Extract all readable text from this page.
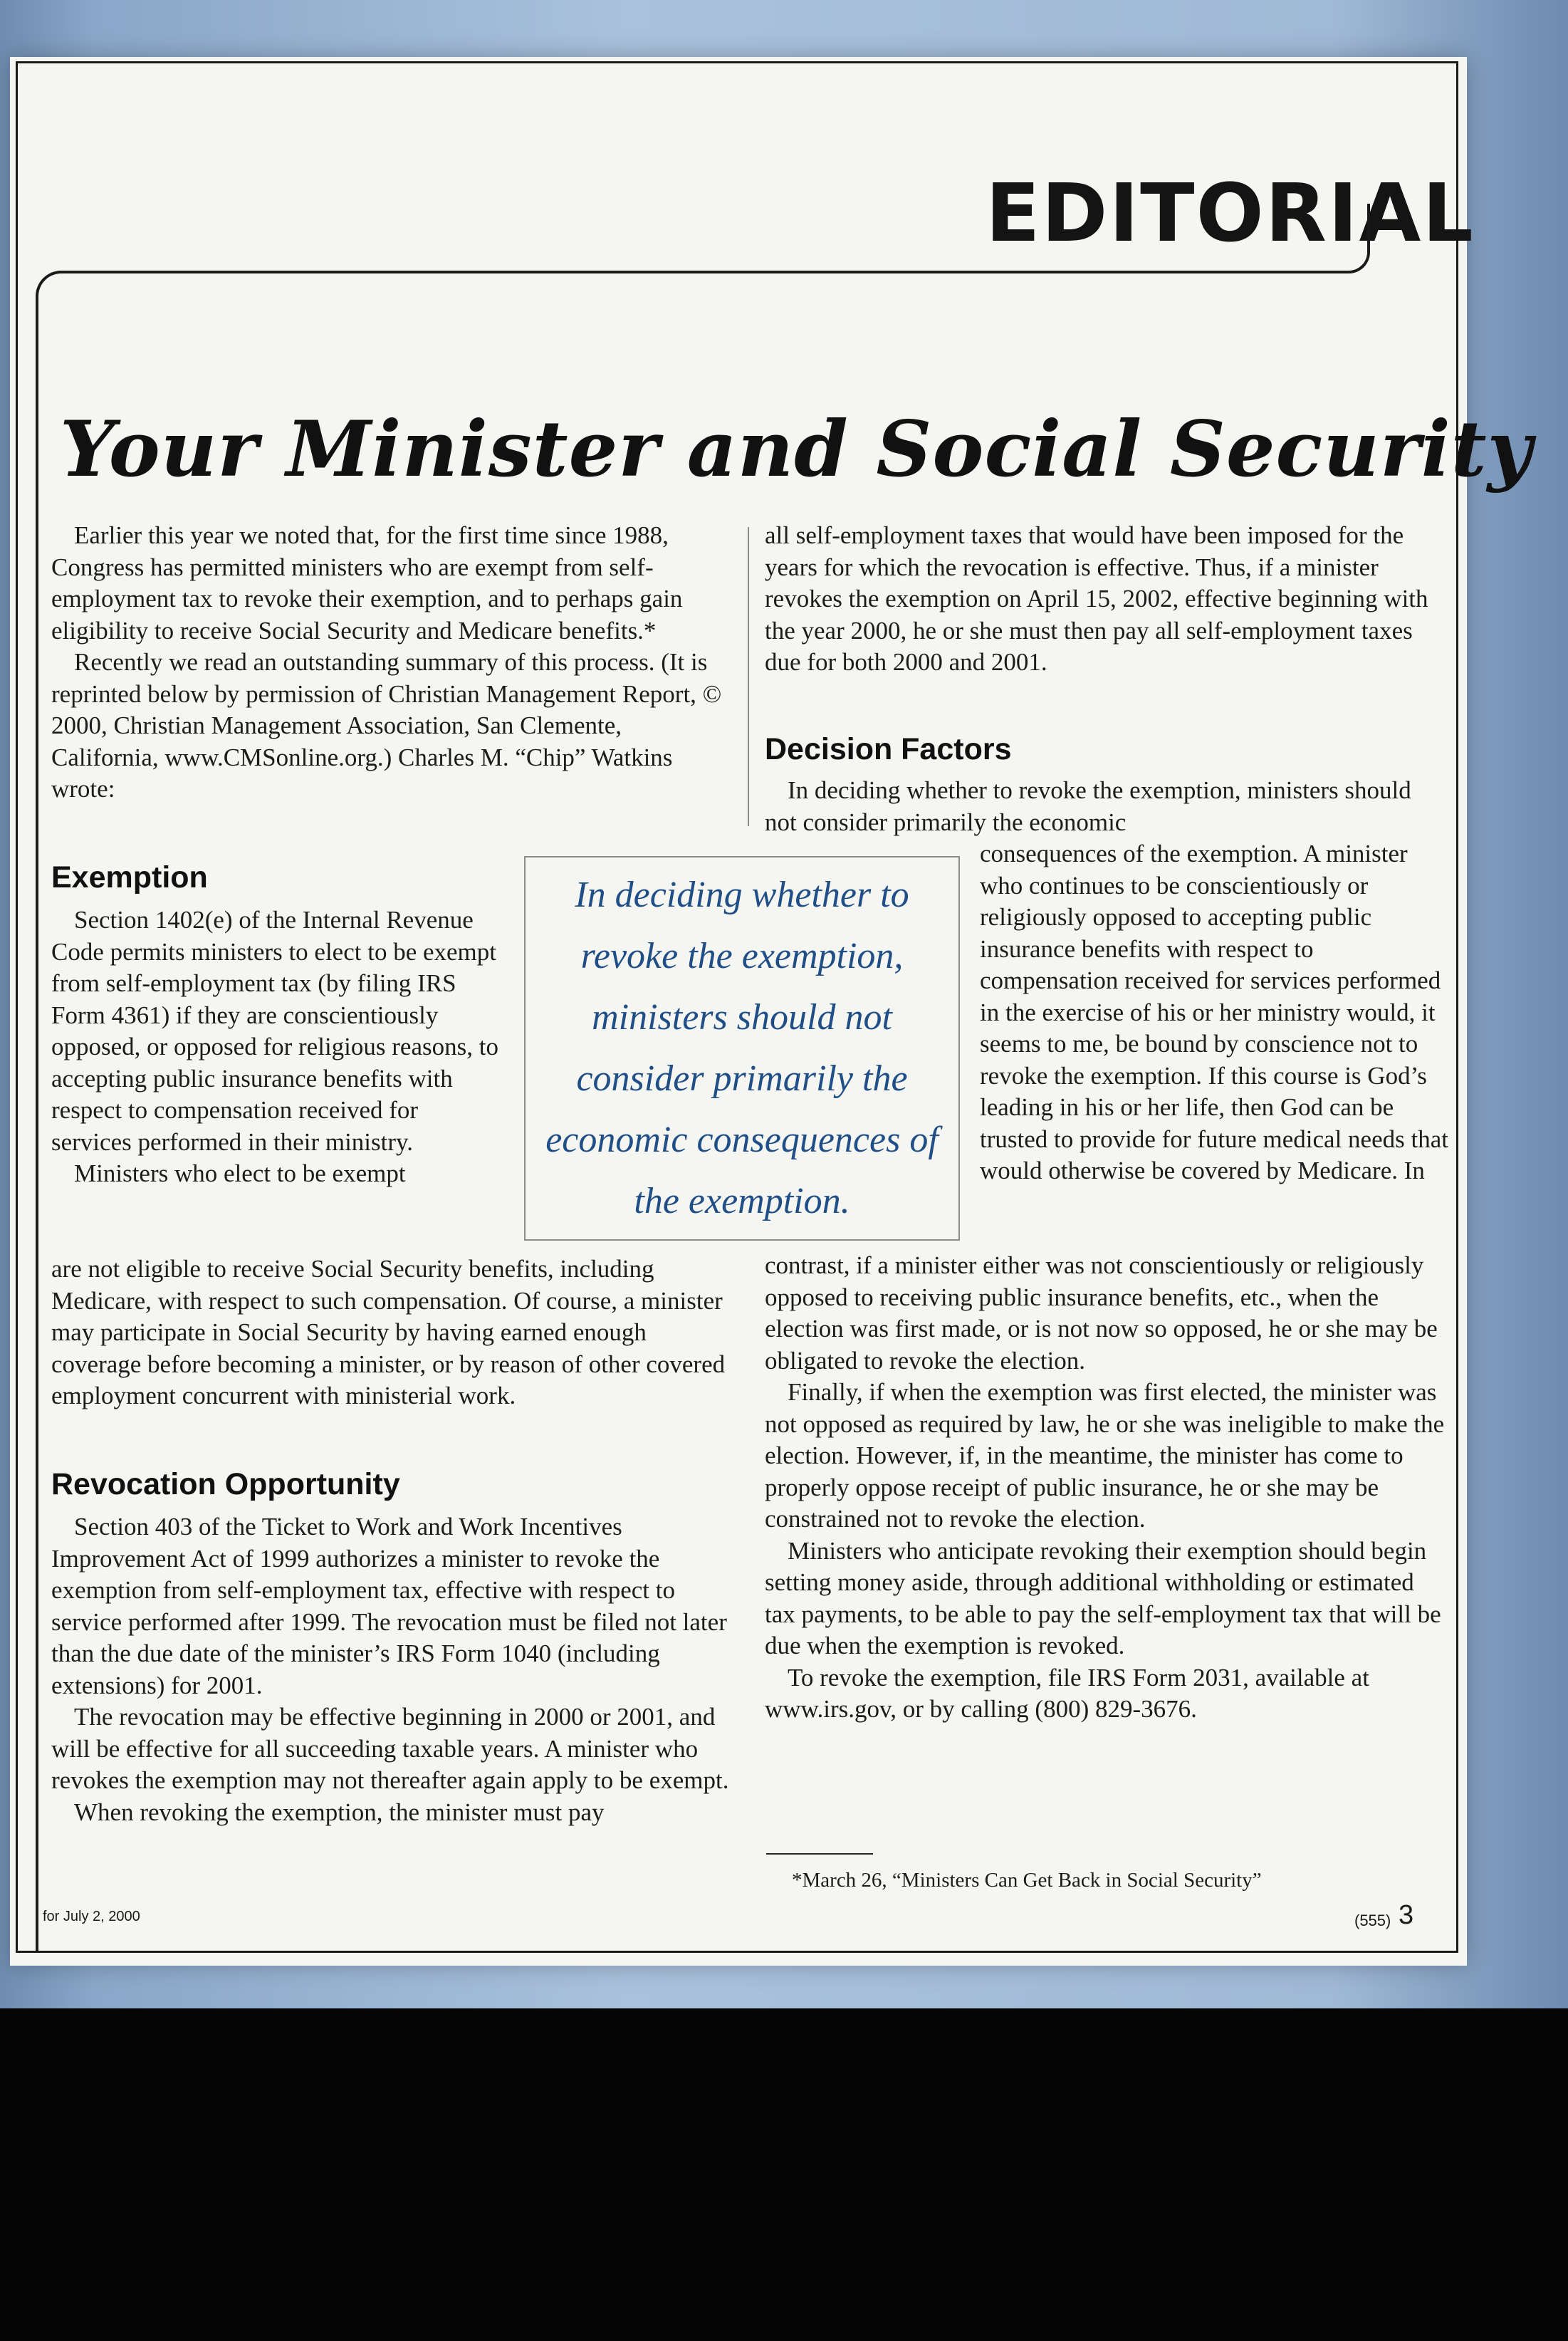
EDITORIAL
Your Minister and Social Security

Earlier this year we noted that, for the first time since 1988, Congress has permitted ministers who are exempt from self-employment tax to revoke their exemption, and to perhaps gain eligibility to receive Social Security and Medicare benefits.*

Recently we read an outstanding summary of this process. (It is reprinted below by permission of Christian Management Report, © 2000, Christian Management Association, San Clemente, California, www.CMSonline.org.) Charles M. “Chip” Watkins wrote:

Exemption

Section 1402(e) of the Internal Revenue Code permits ministers to elect to be exempt from self-employment tax (by filing IRS Form 4361) if they are conscientiously opposed, or opposed for religious reasons, to accepting public insurance benefits with respect to compensation received for services performed in their ministry.

Ministers who elect to be exempt

are not eligible to receive Social Security benefits, including Medicare, with respect to such compensation. Of course, a minister may participate in Social Security by having earned enough coverage before becoming a minister, or by reason of other covered employment concurrent with ministerial work.

Revocation Opportunity

Section 403 of the Ticket to Work and Work Incentives Improvement Act of 1999 authorizes a minister to revoke the exemption from self-employment tax, effective with respect to service performed after 1999. The revocation must be filed not later than the due date of the minister’s IRS Form 1040 (including extensions) for 2001.

The revocation may be effective beginning in 2000 or 2001, and will be effective for all succeeding taxable years. A minister who revokes the exemption may not thereafter again apply to be exempt.

When revoking the exemption, the minister must pay

In deciding whether to revoke the exemption, ministers should not consider primarily the economic consequences of the exemption.

all self-employment taxes that would have been imposed for the years for which the revocation is effective. Thus, if a minister revokes the exemption on April 15, 2002, effective beginning with the year 2000, he or she must then pay all self-employment taxes due for both 2000 and 2001.

Decision Factors

In deciding whether to revoke the exemption, ministers should not consider primarily the economic

consequences of the exemption. A minister who continues to be conscientiously or religiously opposed to accepting public insurance benefits with respect to compensation received for services performed in the exercise of his or her ministry would, it seems to me, be bound by conscience not to revoke the exemption. If this course is God’s leading in his or her life, then God can be trusted to provide for future medical needs that would otherwise be covered by Medicare. In

contrast, if a minister either was not conscientiously or religiously opposed to receiving public insurance benefits, etc., when the election was first made, or is not now so opposed, he or she may be obligated to revoke the election.

Finally, if when the exemption was first elected, the minister was not opposed as required by law, he or she was ineligible to make the election. However, if, in the meantime, the minister has come to properly oppose receipt of public insurance, he or she may be constrained not to revoke the election.

Ministers who anticipate revoking their exemption should begin setting money aside, through additional withholding or estimated tax payments, to be able to pay the self-employment tax that will be due when the exemption is revoked.

To revoke the exemption, file IRS Form 2031, available at www.irs.gov, or by calling (800) 829-3676.

*March 26, “Ministers Can Get Back in Social Security”
for July 2, 2000	(555) 3
